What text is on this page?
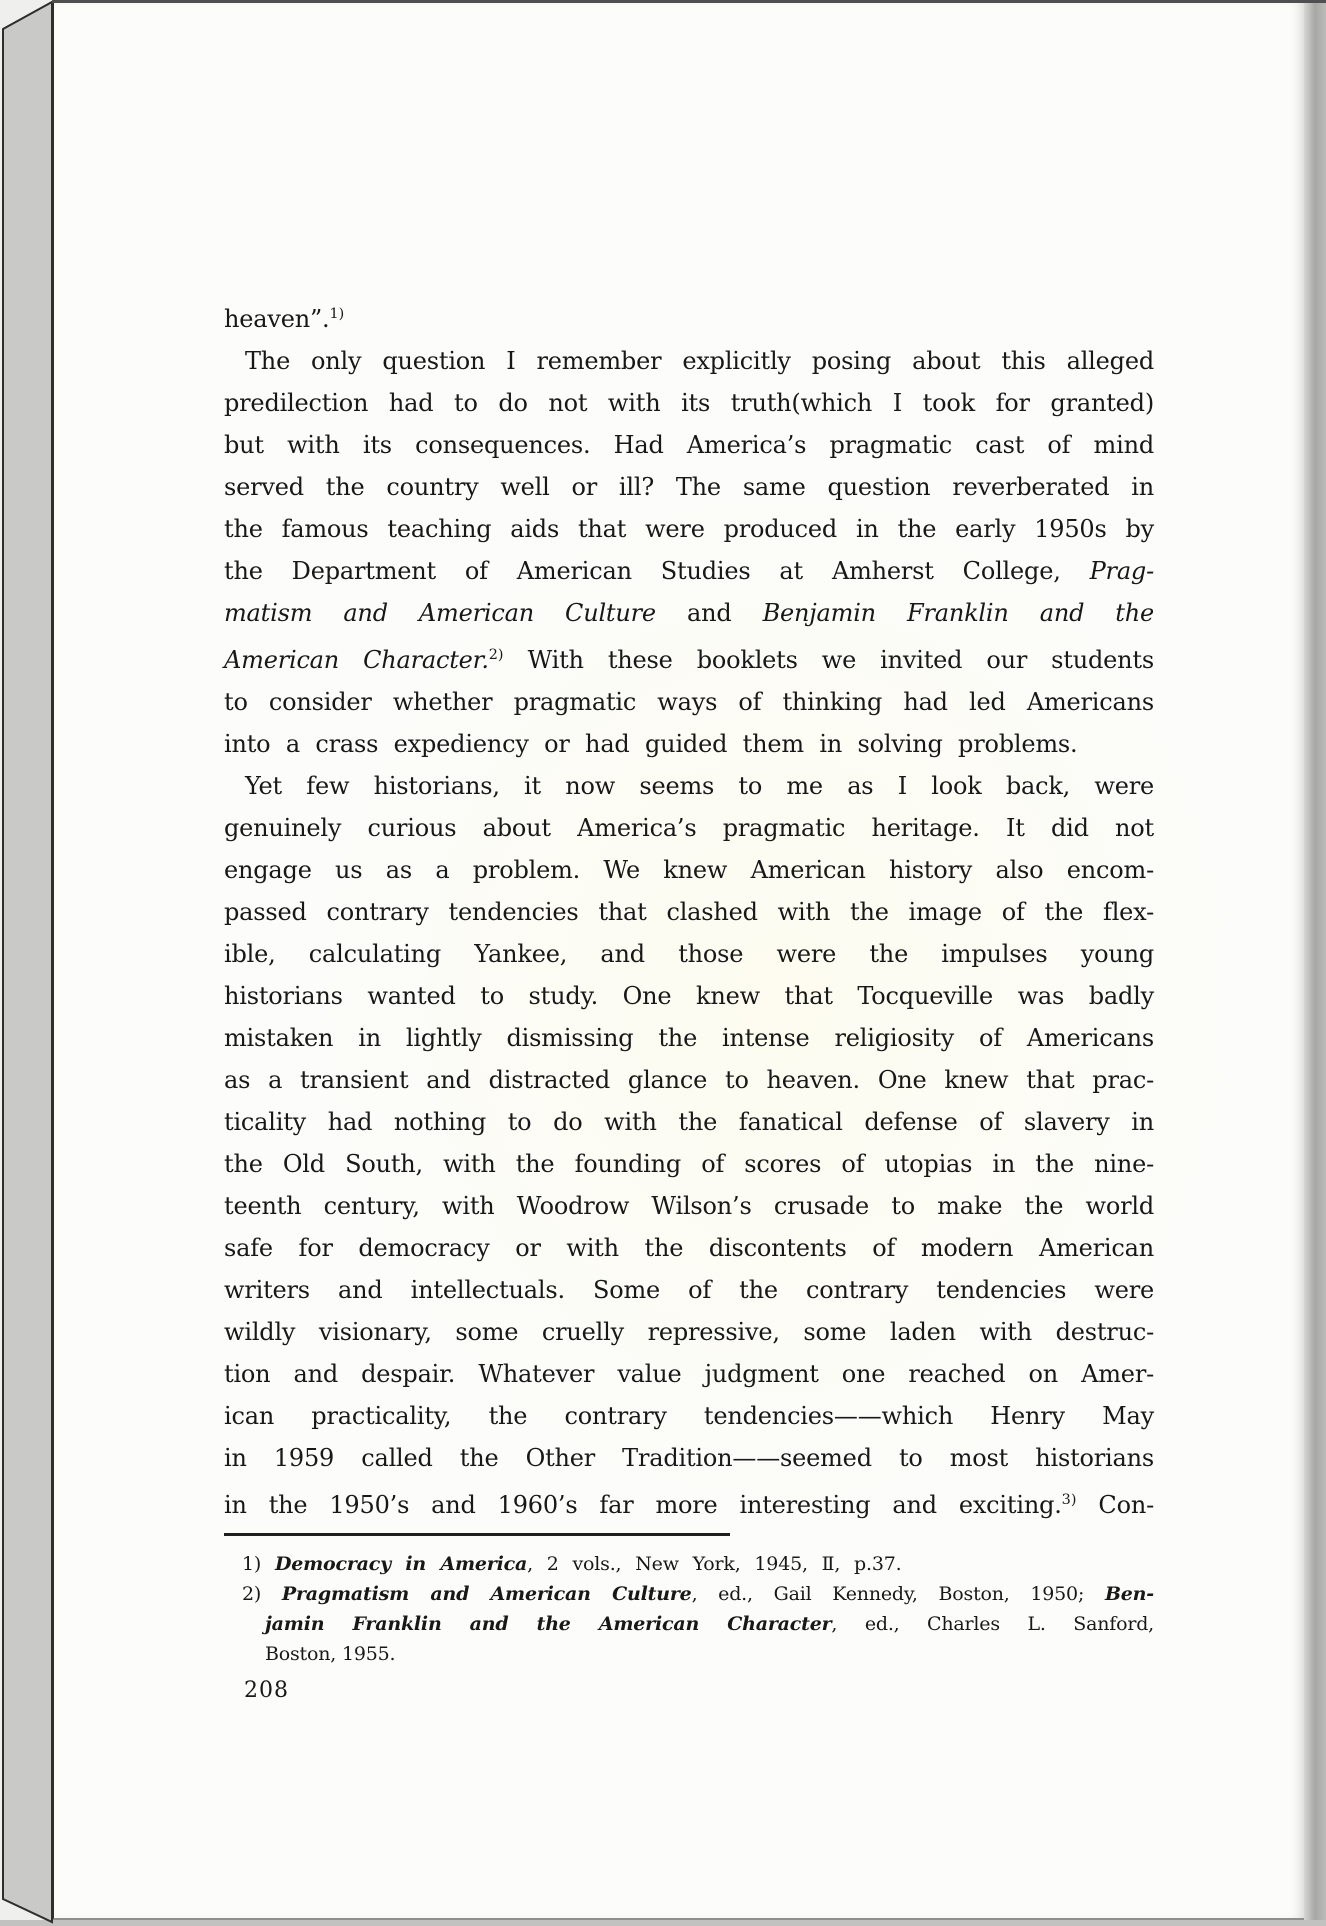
heaven”.$^{1)}$
The only question I remember explicitly posing about this alleged
predilection had to do not with its truth(which I took for granted)
but with its consequences. Had America’s pragmatic cast of mind
served the country well or ill? The same question reverberated in
the famous teaching aids that were produced in the early 1950s by
the Department of American Studies at Amherst College, Prag-
matism and American Culture and Benjamin Franklin and the
American Character.$^{2)}$ With these booklets we invited our students
to consider whether pragmatic ways of thinking had led Americans
into a crass expediency or had guided them in solving problems.
Yet few historians, it now seems to me as I look back, were
genuinely curious about America’s pragmatic heritage. It did not
engage us as a problem. We knew American history also encom-
passed contrary tendencies that clashed with the image of the flex-
ible, calculating Yankee, and those were the impulses young
historians wanted to study. One knew that Tocqueville was badly
mistaken in lightly dismissing the intense religiosity of Americans
as a transient and distracted glance to heaven. One knew that prac-
ticality had nothing to do with the fanatical defense of slavery in
the Old South, with the founding of scores of utopias in the nine-
teenth century, with Woodrow Wilson’s crusade to make the world
safe for democracy or with the discontents of modern American
writers and intellectuals. Some of the contrary tendencies were
wildly visionary, some cruelly repressive, some laden with destruc-
tion and despair. Whatever value judgment one reached on Amer-
ican practicality, the contrary tendencies——which Henry May
in 1959 called the Other Tradition——seemed to most historians
in the 1950’s and 1960’s far more interesting and exciting.$^{3)}$ Con-
1) Democracy in America, 2 vols., New York, 1945, Ⅱ, p.37.
2) Pragmatism and American Culture, ed., Gail Kennedy, Boston, 1950; Ben-
jamin Franklin and the American Character, ed., Charles L. Sanford,
Boston, 1955.
208
